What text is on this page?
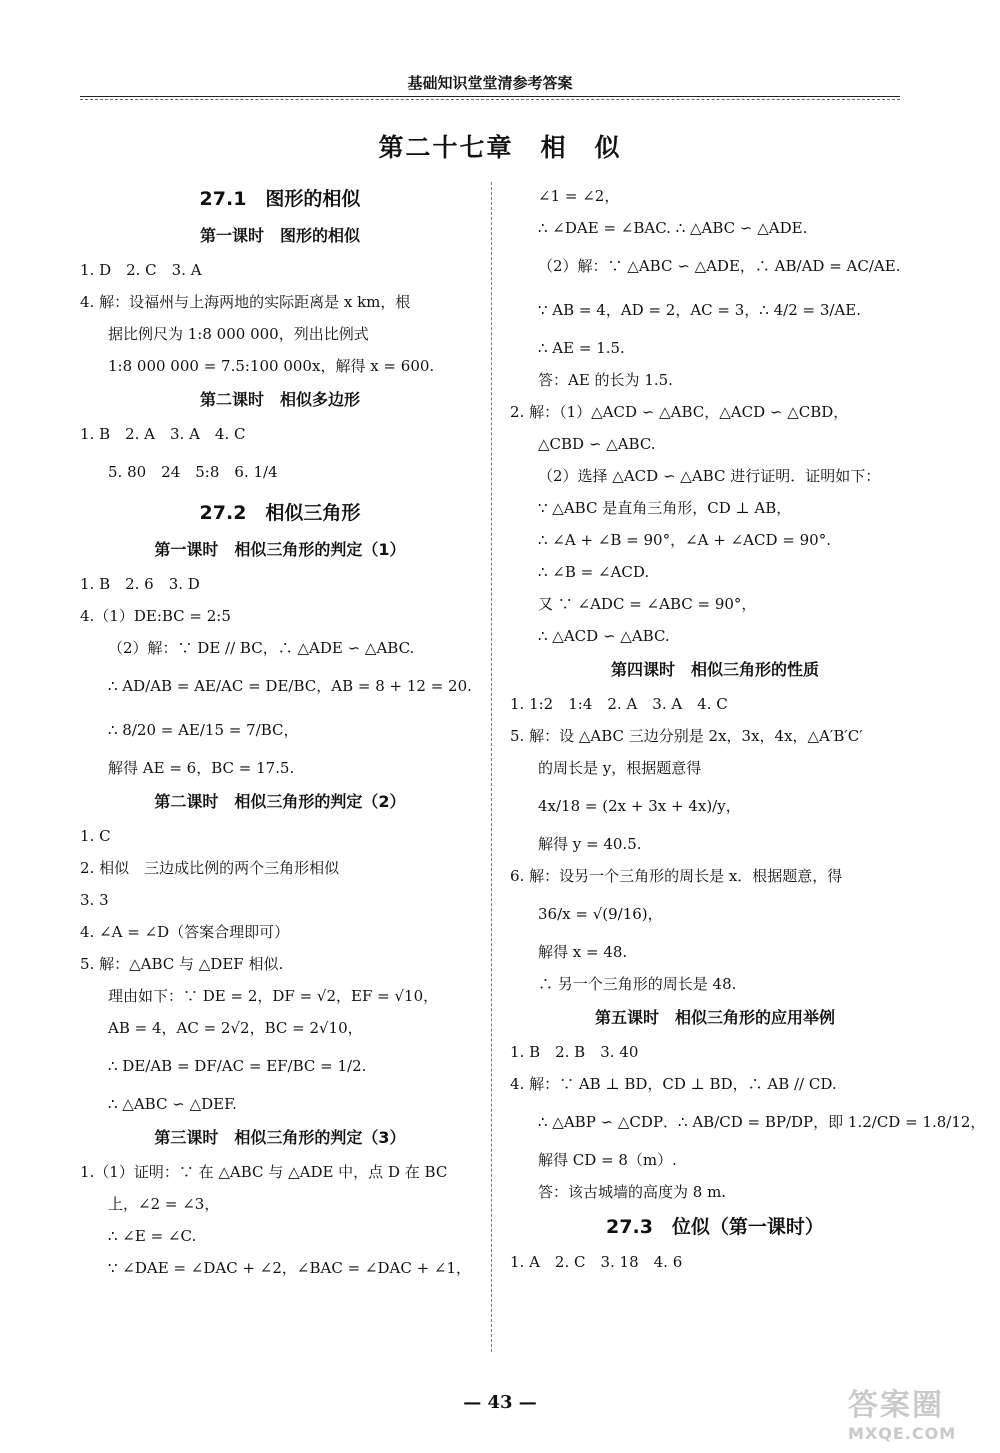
基础知识堂堂清参考答案
第二十七章　相　似
27.1　图形的相似
第一课时　图形的相似
1. D　2. C　3. A
4. 解：设福州与上海两地的实际距离是 x km，根
据比例尺为 1:8 000 000，列出比例式
1:8 000 000 = 7.5:100 000x，解得 x = 600.
第二课时　相似多边形
1. B　2. A　3. A　4. C
5. 80　24　5:8　6. 1/4
27.2　相似三角形
第一课时　相似三角形的判定（1）
1. B　2. 6　3. D
4.（1）DE:BC = 2:5
（2）解：∵ DE // BC，∴ △ADE ∽ △ABC.
∴ AD/AB = AE/AC = DE/BC，AB = 8 + 12 = 20.
∴ 8/20 = AE/15 = 7/BC，
解得 AE = 6，BC = 17.5.
第二课时　相似三角形的判定（2）
1. C
2. 相似　三边成比例的两个三角形相似
3. 3
4. ∠A = ∠D（答案合理即可）
5. 解：△ABC 与 △DEF 相似.
理由如下：∵ DE = 2，DF = √2，EF = √10，
AB = 4，AC = 2√2，BC = 2√10，
∴ DE/AB = DF/AC = EF/BC = 1/2.
∴ △ABC ∽ △DEF.
第三课时　相似三角形的判定（3）
1.（1）证明：∵ 在 △ABC 与 △ADE 中，点 D 在 BC
上，∠2 = ∠3，
∴ ∠E = ∠C.
∵ ∠DAE = ∠DAC + ∠2，∠BAC = ∠DAC + ∠1，
∠1 = ∠2，
∴ ∠DAE = ∠BAC. ∴ △ABC ∽ △ADE.
（2）解：∵ △ABC ∽ △ADE，∴ AB/AD = AC/AE.
∵ AB = 4，AD = 2，AC = 3，∴ 4/2 = 3/AE.
∴ AE = 1.5.
答：AE 的长为 1.5.
2. 解：（1）△ACD ∽ △ABC，△ACD ∽ △CBD，
△CBD ∽ △ABC.
（2）选择 △ACD ∽ △ABC 进行证明．证明如下：
∵ △ABC 是直角三角形，CD ⊥ AB，
∴ ∠A + ∠B = 90°，∠A + ∠ACD = 90°.
∴ ∠B = ∠ACD.
又 ∵ ∠ADC = ∠ABC = 90°，
∴ △ACD ∽ △ABC.
第四课时　相似三角形的性质
1. 1:2　1:4　2. A　3. A　4. C
5. 解：设 △ABC 三边分别是 2x，3x，4x，△A′B′C′
的周长是 y，根据题意得
4x/18 = (2x + 3x + 4x)/y，
解得 y = 40.5.
6. 解：设另一个三角形的周长是 x．根据题意，得
36/x = √(9/16)，
解得 x = 48.
∴ 另一个三角形的周长是 48.
第五课时　相似三角形的应用举例
1. B　2. B　3. 40
4. 解：∵ AB ⊥ BD，CD ⊥ BD，∴ AB // CD.
∴ △ABP ∽ △CDP．∴ AB/CD = BP/DP，即 1.2/CD = 1.8/12，
解得 CD = 8（m）.
答：该古城墙的高度为 8 m.
27.3　位似（第一课时）
1. A　2. C　3. 18　4. 6
— 43 —	答案圈
MXQE.COM
